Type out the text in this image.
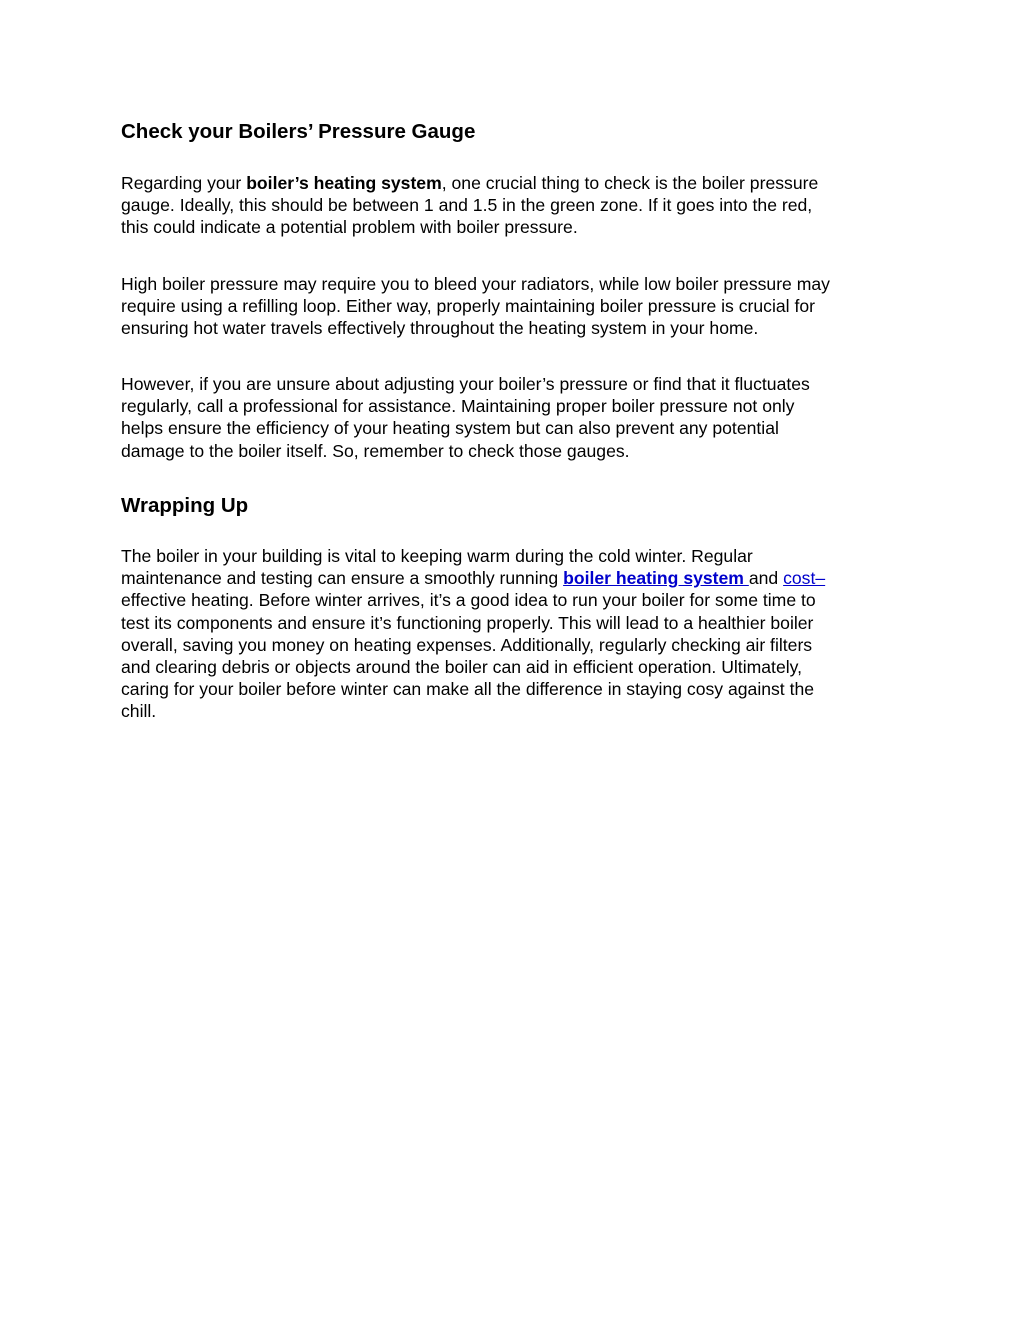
Check your Boilers’ Pressure Gauge

Regarding your boiler’s heating system, one crucial thing to check is the boiler pressure
gauge. Ideally, this should be between 1 and 1.5 in the green zone. If it goes into the red,
this could indicate a potential problem with boiler pressure.

High boiler pressure may require you to bleed your radiators, while low boiler pressure may
require using a refilling loop. Either way, properly maintaining boiler pressure is crucial for
ensuring hot water travels effectively throughout the heating system in your home.

However, if you are unsure about adjusting your boiler’s pressure or find that it fluctuates
regularly, call a professional for assistance. Maintaining proper boiler pressure not only
helps ensure the efficiency of your heating system but can also prevent any potential
damage to the boiler itself. So, remember to check those gauges.

Wrapping Up

The boiler in your building is vital to keeping warm during the cold winter. Regular
maintenance and testing can ensure a smoothly running boiler heating system and cost–
effective heating. Before winter arrives, it’s a good idea to run your boiler for some time to
test its components and ensure it’s functioning properly. This will lead to a healthier boiler
overall, saving you money on heating expenses. Additionally, regularly checking air filters
and clearing debris or objects around the boiler can aid in efficient operation. Ultimately,
caring for your boiler before winter can make all the difference in staying cosy against the
chill.
